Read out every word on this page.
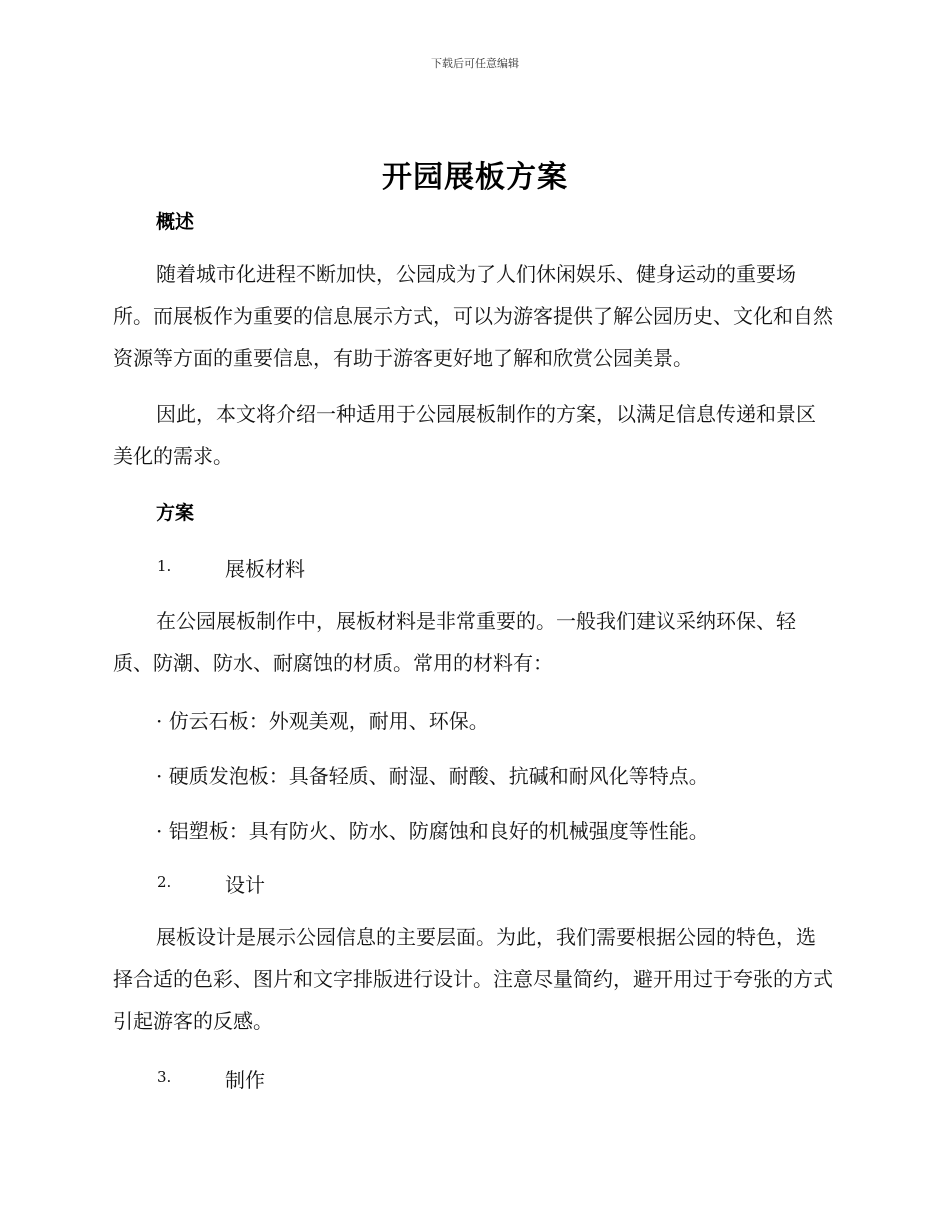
下载后可任意编辑
开园展板方案
概述
随着城市化进程不断加快，公园成为了人们休闲娱乐、健身运动的重要场所。而展板作为重要的信息展示方式，可以为游客提供了解公园历史、文化和自然资源等方面的重要信息，有助于游客更好地了解和欣赏公园美景。
因此，本文将介绍一种适用于公园展板制作的方案，以满足信息传递和景区美化的需求。
方案
1.	展板材料
在公园展板制作中，展板材料是非常重要的。一般我们建议采纳环保、轻质、防潮、防水、耐腐蚀的材质。常用的材料有：
· 仿云石板：外观美观，耐用、环保。
· 硬质发泡板：具备轻质、耐湿、耐酸、抗碱和耐风化等特点。
· 铝塑板：具有防火、防水、防腐蚀和良好的机械强度等性能。
2.	设计
展板设计是展示公园信息的主要层面。为此，我们需要根据公园的特色，选择合适的色彩、图片和文字排版进行设计。注意尽量简约，避开用过于夸张的方式引起游客的反感。
3.	制作
